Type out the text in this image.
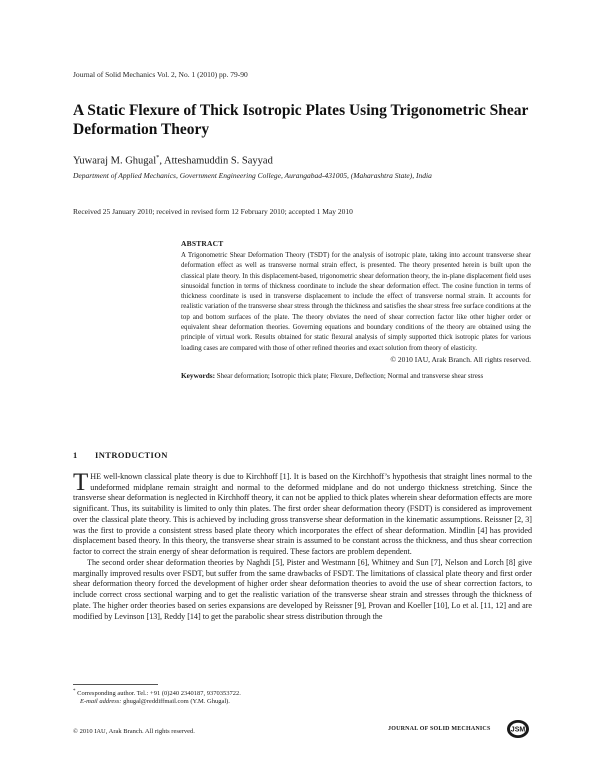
Journal of Solid Mechanics Vol. 2, No. 1 (2010) pp. 79-90
A Static Flexure of Thick Isotropic Plates Using Trigonometric Shear Deformation Theory
Yuwaraj M. Ghugal*, Atteshamuddin S. Sayyad
Department of Applied Mechanics, Government Engineering College, Aurangabad-431005, (Maharashtra State), India
Received 25 January 2010; received in revised form 12 February 2010; accepted 1 May 2010
ABSTRACT
A Trigonometric Shear Deformation Theory (TSDT) for the analysis of isotropic plate, taking into account transverse shear deformation effect as well as transverse normal strain effect, is presented. The theory presented herein is built upon the classical plate theory. In this displacement-based, trigonometric shear deformation theory, the in-plane displacement field uses sinusoidal function in terms of thickness coordinate to include the shear deformation effect. The cosine function in terms of thickness coordinate is used in transverse displacement to include the effect of transverse normal strain. It accounts for realistic variation of the transverse shear stress through the thickness and satisfies the shear stress free surface conditions at the top and bottom surfaces of the plate. The theory obviates the need of shear correction factor like other higher order or equivalent shear deformation theories. Governing equations and boundary conditions of the theory are obtained using the principle of virtual work. Results obtained for static flexural analysis of simply supported thick isotropic plates for various loading cases are compared with those of other refined theories and exact solution from theory of elasticity.
© 2010 IAU, Arak Branch. All rights reserved.
Keywords: Shear deformation; Isotropic thick plate; Flexure, Deflection; Normal and transverse shear stress
1 INTRODUCTION
THE well-known classical plate theory is due to Kirchhoff [1]. It is based on the Kirchhoff’s hypothesis that straight lines normal to the undeformed midplane remain straight and normal to the deformed midplane and do not undergo thickness stretching. Since the transverse shear deformation is neglected in Kirchhoff theory, it can not be applied to thick plates wherein shear deformation effects are more significant. Thus, its suitability is limited to only thin plates. The first order shear deformation theory (FSDT) is considered as improvement over the classical plate theory. This is achieved by including gross transverse shear deformation in the kinematic assumptions. Reissner [2, 3] was the first to provide a consistent stress based plate theory which incorporates the effect of shear deformation. Mindlin [4] has provided displacement based theory. In this theory, the transverse shear strain is assumed to be constant across the thickness, and thus shear correction factor to correct the strain energy of shear deformation is required. These factors are problem dependent.
The second order shear deformation theories by Naghdi [5], Pister and Westmann [6], Whitney and Sun [7], Nelson and Lorch [8] give marginally improved results over FSDT, but suffer from the same drawbacks of FSDT. The limitations of classical plate theory and first order shear deformation theory forced the development of higher order shear deformation theories to avoid the use of shear correction factors, to include correct cross sectional warping and to get the realistic variation of the transverse shear strain and stresses through the thickness of plate. The higher order theories based on series expansions are developed by Reissner [9], Provan and Koeller [10], Lo et al. [11, 12] and are modified by Levinson [13], Reddy [14] to get the parabolic shear stress distribution through the
* Corresponding author. Tel.: +91 (0)240 2340187, 9370353722.
E-mail address: ghugal@reddiffmail.com (Y.M. Ghugal).
© 2010 IAU, Arak Branch. All rights reserved.	JOURNAL OF SOLID MECHANICS	JSM
